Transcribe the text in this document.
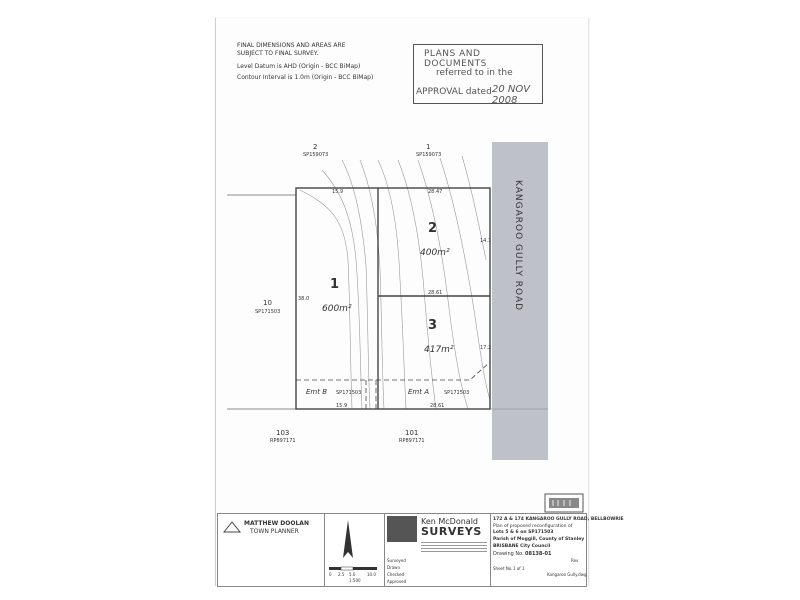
FINAL DIMENSIONS AND AREAS ARE
SUBJECT TO FINAL SURVEY.
Level Datum is AHD (Origin - BCC BiMap)
Contour Interval is 1.0m (Origin - BCC BiMap)
PLANS AND DOCUMENTS
referred to in the
APPROVAL dated 20 NOV 2008
2
SP159073
1
SP159073
10
SP171503
103
RP897171
101
RP897171
1
600m²
2
400m²
3
417m²
Emt A	SP171503
Emt B SP171503
15.9	28.47
28.61
15.9	28.61
38.0
14.1
17.2
KANGAROO GULLY ROAD
MATTHEW DOOLAN
TOWN PLANNER
0 2.5 5.0	10.0
1:500
Ken McDonald
SURVEYS
Surveyed
Drawn
Checked
Approved
172 A & 174 KANGAROO GULLY ROAD, BELLBOWRIE
Plan of proposed reconfiguration of
Lots 5 & 6 on SP171503
Parish of Moggill, County of Stanley
BRISBANE City Council
Drawing No. 08138-01
Rev
Sheet No. 1 of 1
Kangaroo Gully.dwg
